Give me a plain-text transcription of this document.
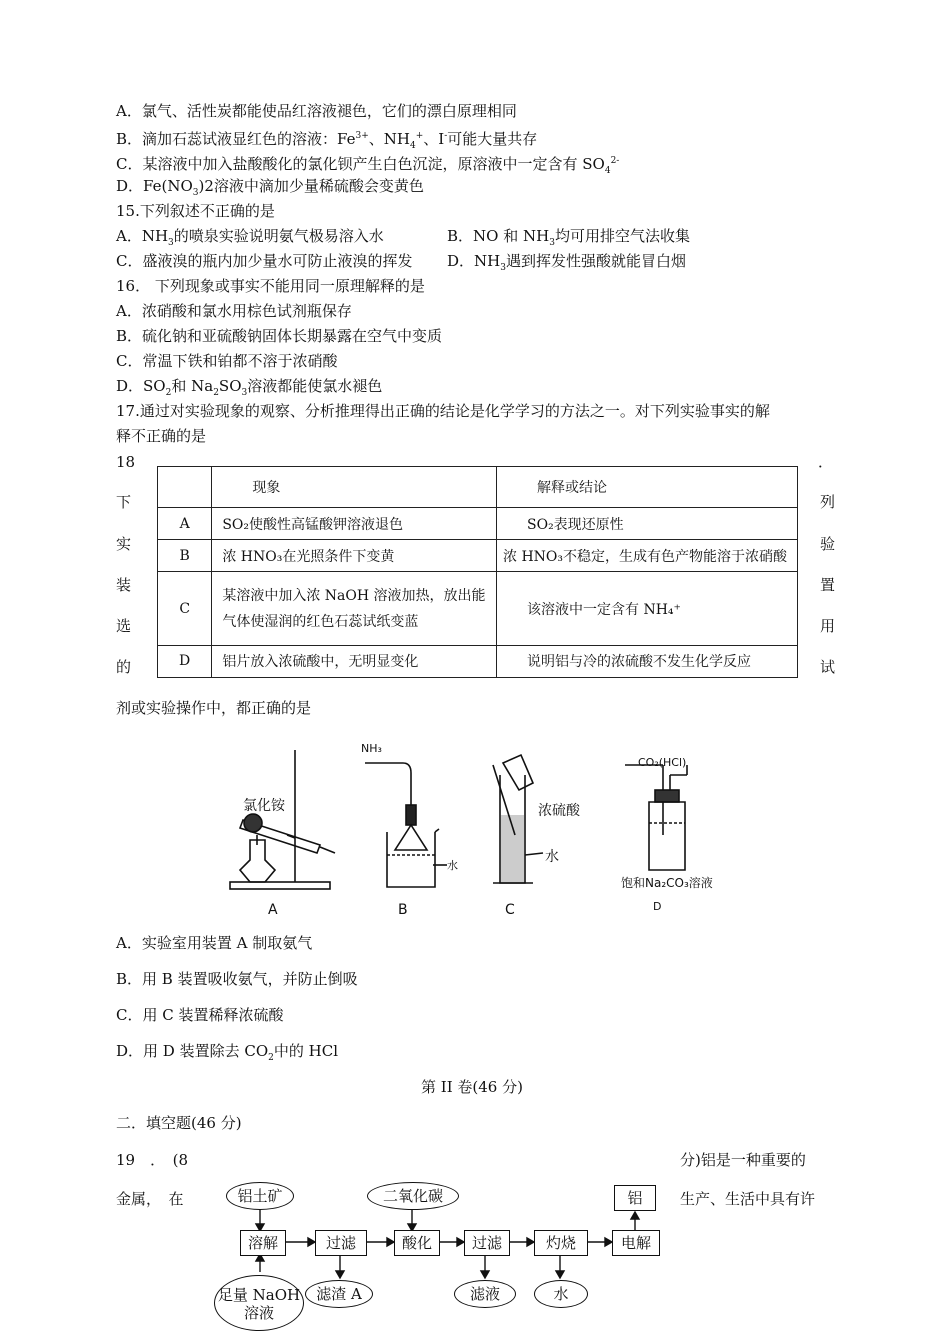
A．氯气、活性炭都能使品红溶液褪色，它们的漂白原理相同
B．滴加石蕊试液显红色的溶液：$Fe^{3+}$、$NH_4^+$、I-可能大量共存
C．某溶液中加入盐酸酸化的氯化钡产生白色沉淀，原溶液中一定含有 $SO_4^{2-}$
D．$Fe(NO_3)2$溶液中滴加少量稀硫酸会变黄色
15.下列叙述不正确的是
A．$NH_3$的喷泉实验说明氨气极易溶入水	B．NO 和 $NH_3$均可用排空气法收集
C．盛液溴的瓶内加少量水可防止液溴的挥发 D．$NH_3$遇到挥发性强酸就能冒白烟
16． 下列现象或事实不能用同一原理解释的是
A．浓硝酸和氯水用棕色试剂瓶保存
B．硫化钠和亚硫酸钠固体长期暴露在空气中变质
C．常温下铁和铂都不溶于浓硝酸
D．$SO_2$和 $Na_2SO_3$溶液都能使氯水褪色
17.通过对实验现象的观察、分析推理得出正确的结论是化学学习的方法之一。对下列实验事实的解
释不正确的是
18
下
实
装
选
的
．
列
验
置
用
试
	现象	解释或结论
A	SO₂使酸性高锰酸钾溶液退色	SO₂表现还原性
B	浓 HNO₃在光照条件下变黄	浓 HNO₃不稳定，生成有色产物能溶于浓硝酸
C	某溶液中加入浓 NaOH 溶液加热，放出能气体使湿润的红色石蕊试纸变蓝	该溶液中一定含有 NH₄⁺
D	铝片放入浓硫酸中，无明显变化	说明铝与冷的浓硫酸不发生化学反应
剂或实验操作中，都正确的是
氯化铵
NH₃
水
浓硫酸
水
CO₂(HCl)
饱和Na₂CO₃溶液
A	B	C	D
A．实验室用装置 A 制取氨气
B．用 B 装置吸收氨气，并防止倒吸
C．用 C 装置稀释浓硫酸
D．用 D 装置除去 $CO_2$中的 HCl
第 II 卷(46 分)
二．填空题(46 分)
19　．　(8	分)铝是一种重要的
金属，　在	生产、生活中具有许
铝土矿	二氧化碳	铝
溶解	过滤	酸化	过滤	灼烧	电解
足量 NaOH
溶液
滤渣 A	滤液	水
